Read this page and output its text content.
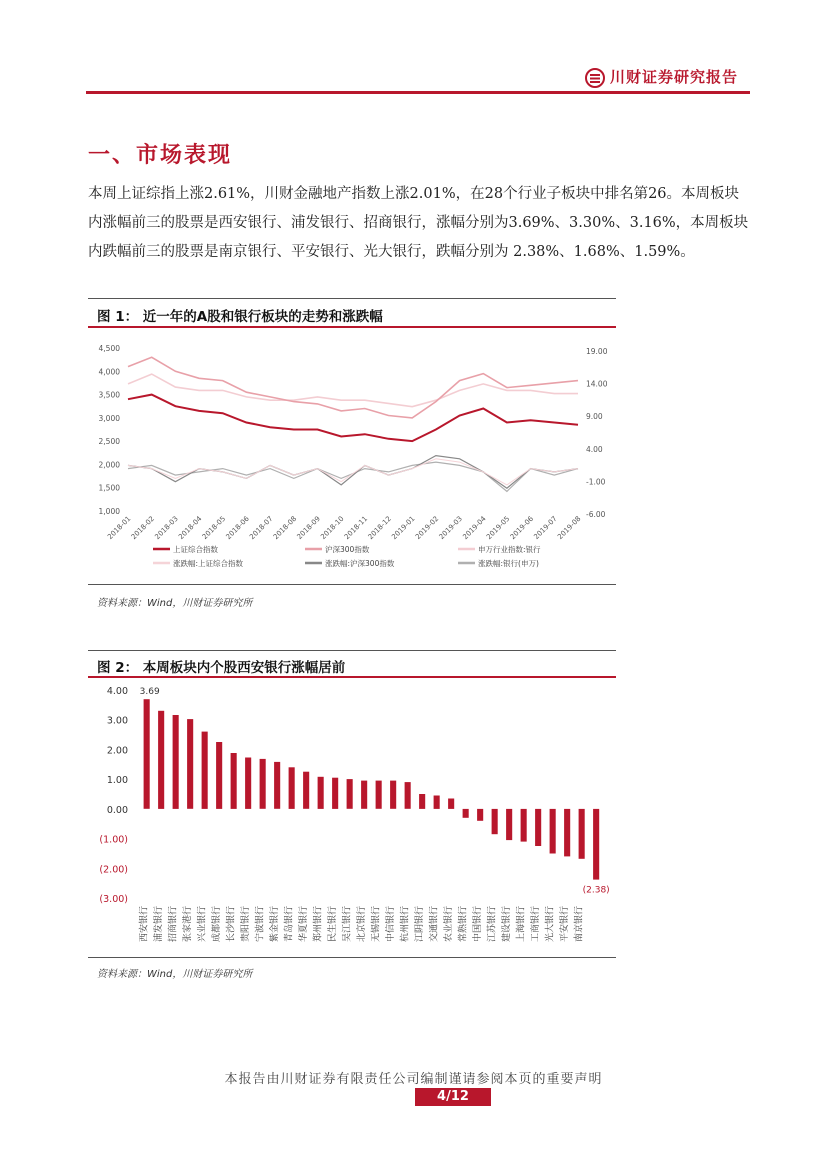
川财证券研究报告
一、市场表现
本周上证综指上涨2.61%，川财金融地产指数上涨2.01%，在28个行业子板块中排名第26。本周板块内涨幅前三的股票是西安银行、浦发银行、招商银行，涨幅分别为3.69%、3.30%、3.16%，本周板块内跌幅前三的股票是南京银行、平安银行、光大银行，跌幅分别为 2.38%、1.68%、1.59%。
图 1： 近一年的A股和银行板块的走势和涨跌幅
4,500
4,000
3,500
3,000
2,500
2,000
1,500
1,000
19.00
14.00
9.00
4.00
-1.00
-6.00
2018-01
2018-02
2018-03
2018-04
2018-05
2018-06
2018-07
2018-08
2018-09
2018-10
2018-11
2018-12
2019-01
2019-02
2019-03
2019-04
2019-05
2019-06
2019-07
2019-08
上证综合指数	沪深300指数	申万行业指数:银行
涨跌幅:上证综合指数	涨跌幅:沪深300指数	涨跌幅:银行(申万)
资料来源：Wind，川财证券研究所
图 2： 本周板块内个股西安银行涨幅居前
4.00
3.00
2.00
1.00
0.00
(1.00)
(2.00)
(3.00)
3.69
(2.38)
西安银行 浦发银行 招商银行 张家港行 兴业银行 成都银行 长沙银行 贵阳银行 宁波银行 紫金银行 青岛银行 华夏银行 郑州银行 民生银行 吴江银行 北京银行 无锡银行 中信银行 杭州银行 江阴银行 交通银行 农业银行 常熟银行 中国银行 江苏银行 建设银行 上海银行 工商银行 光大银行 平安银行 南京银行
资料来源：Wind，川财证券研究所
本报告由川财证券有限责任公司编制谨请参阅本页的重要声明
4/12
